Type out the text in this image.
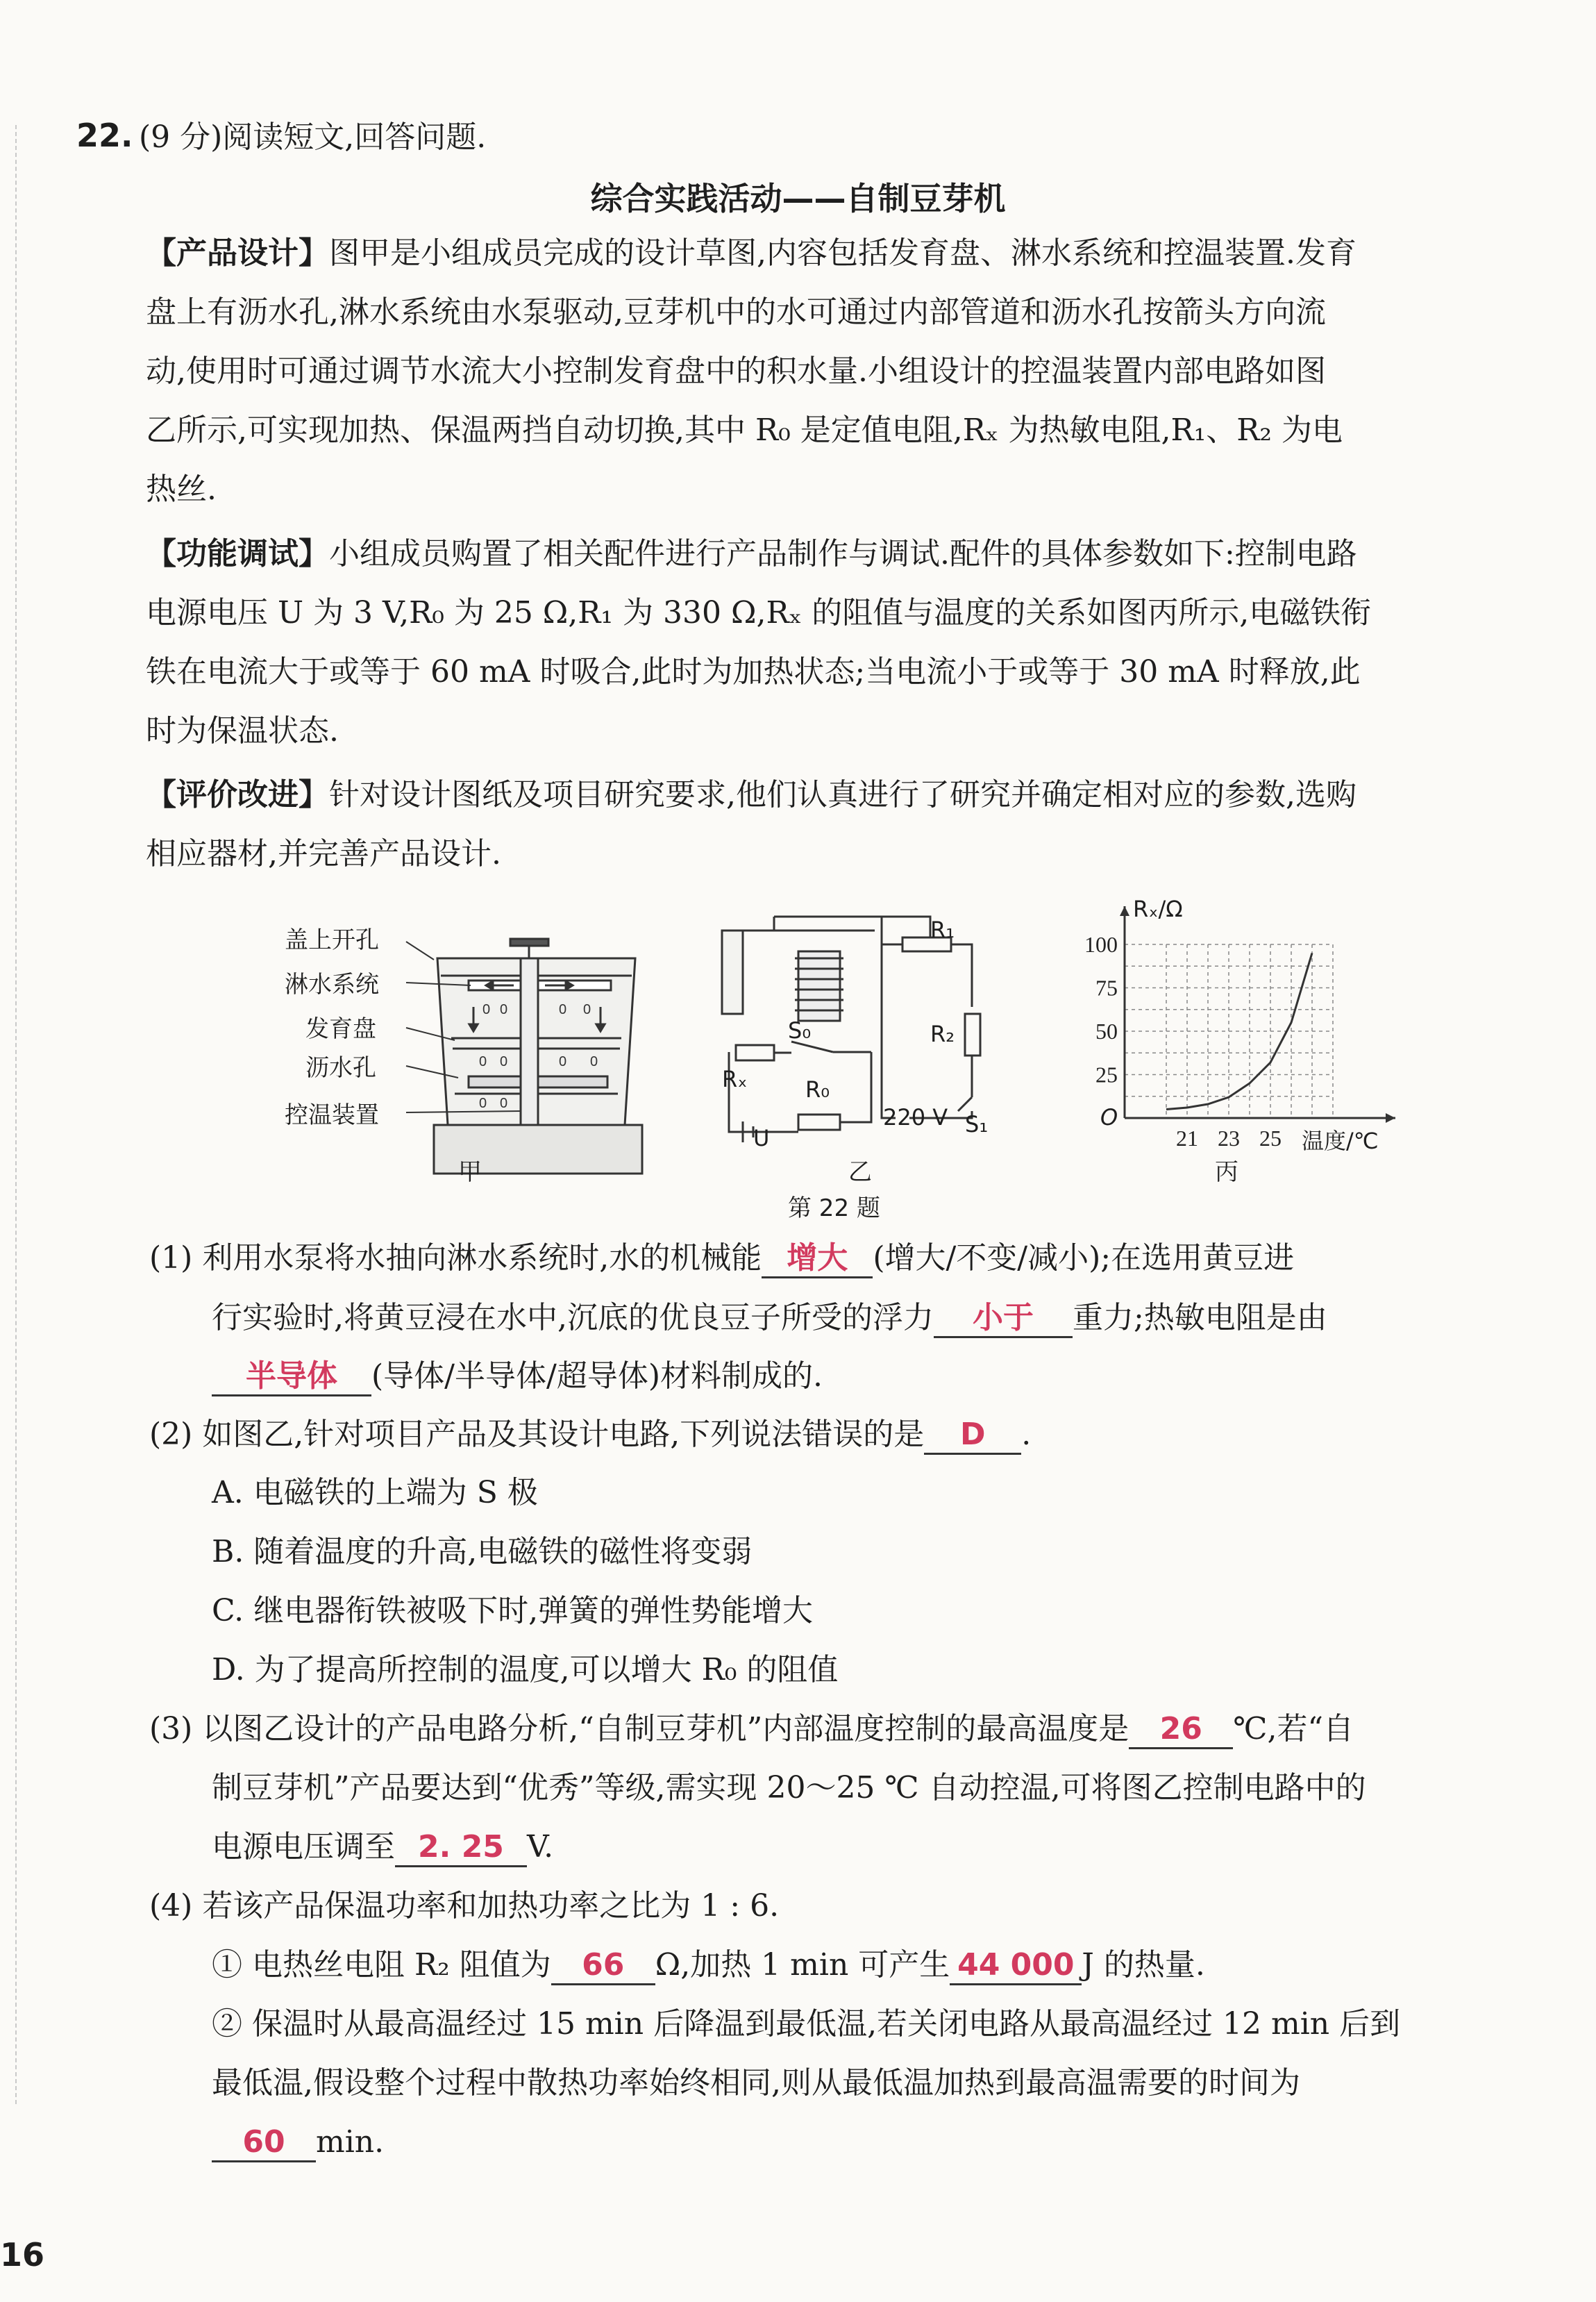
22. (9 分)阅读短文,回答问题.
综合实践活动——自制豆芽机
【产品设计】图甲是小组成员完成的设计草图,内容包括发育盘、淋水系统和控温装置.发育
盘上有沥水孔,淋水系统由水泵驱动,豆芽机中的水可通过内部管道和沥水孔按箭头方向流
动,使用时可通过调节水流大小控制发育盘中的积水量.小组设计的控温装置内部电路如图
乙所示,可实现加热、保温两挡自动切换,其中 R₀ 是定值电阻,Rₓ 为热敏电阻,R₁、R₂ 为电
热丝.
【功能调试】小组成员购置了相关配件进行产品制作与调试.配件的具体参数如下:控制电路
电源电压 U 为 3 V,R₀ 为 25 Ω,R₁ 为 330 Ω,Rₓ 的阻值与温度的关系如图丙所示,电磁铁衔
铁在电流大于或等于 60 mA 时吸合,此时为加热状态;当电流小于或等于 30 mA 时释放,此
时为保温状态.
【评价改进】针对设计图纸及项目研究要求,他们认真进行了研究并确定相对应的参数,选购
相应器材,并完善产品设计.
0 0	0 0
0 0	0 0
0 0
盖上开孔
淋水系统
发育盘
沥水孔
控温装置
甲
R₁
R₂
Rₓ	R₀
S₀
S₁
U
220 V
乙
100
75
50
25
21 23 25
Rₓ/Ω
温度/℃
O
丙
第 22 题
(1) 利用水泵将水抽向淋水系统时,水的机械能 增大 (增大/不变/减小);在选用黄豆进
行实验时,将黄豆浸在水中,沉底的优良豆子所受的浮力 小于 重力;热敏电阻是由
半导体 (导体/半导体/超导体)材料制成的.
(2) 如图乙,针对项目产品及其设计电路,下列说法错误的是 D .
A. 电磁铁的上端为 S 极
B. 随着温度的升高,电磁铁的磁性将变弱
C. 继电器衔铁被吸下时,弹簧的弹性势能增大
D. 为了提高所控制的温度,可以增大 R₀ 的阻值
(3) 以图乙设计的产品电路分析,“自制豆芽机”内部温度控制的最高温度是 26 ℃,若“自
制豆芽机”产品要达到“优秀”等级,需实现 20～25 ℃ 自动控温,可将图乙控制电路中的
电源电压调至 2. 25 V.
(4) 若该产品保温功率和加热功率之比为 1 : 6.
① 电热丝电阻 R₂ 阻值为 66 Ω,加热 1 min 可产生 44 000 J 的热量.
② 保温时从最高温经过 15 min 后降温到最低温,若关闭电路从最高温经过 12 min 后到
最低温,假设整个过程中散热功率始终相同,则从最低温加热到最高温需要的时间为
60 min.
16
